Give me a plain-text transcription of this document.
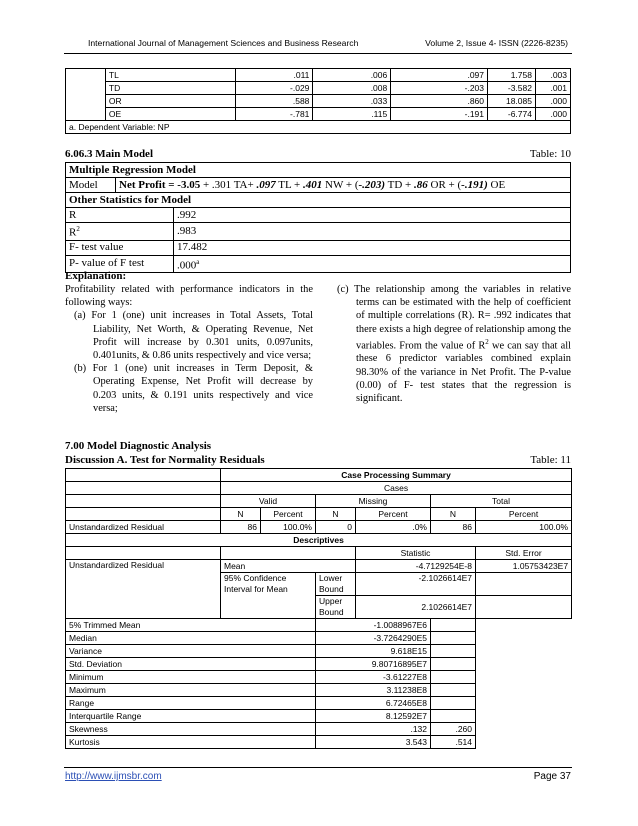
International Journal of Management Sciences and Business Research	Volume 2, Issue 4- ISSN (2226-8235)
	TL	.011	.006	.097	1.758	.003
	TD	-.029	.008	-.203	-3.582	.001
	OR	.588	.033	.860	18.085	.000
	OE	-.781	.115	-.191	-6.774	.000
a. Dependent Variable: NP						
6.06.3 Main Model	Table: 10
Multiple Regression Model		
Model	Net Profit = -3.05 + .301 TA+ .097 TL + .401 NW + (-.203) TD + .86 OR + (-.191) OE	
Other Statistics for Model		
R		.992
$R^2$		.983
F- test value		17.482
P- value of F test		.000$^a$
Explanation:
Profitability related with performance indicators in the following ways:
(a) For 1 (one) unit increases in Total Assets, Total Liability, Net Worth, & Operating Revenue, Net Profit will increase by 0.301 units, 0.097units, 0.401units, & 0.86 units respectively and vice versa;
(b) For 1 (one) unit increases in Term Deposit, & Operating Expense, Net Profit will decrease by 0.203 units, & 0.191 units respectively and vice versa;
(c) The relationship among the variables in relative terms can be estimated with the help of coefficient of multiple correlations (R). R= .992 indicates that there exists a high degree of relationship among the variables. From the value of $R^2$ we can say that all these 6 predictor variables combined explain 98.30% of the variance in Net Profit. The P-value (0.00) of F- test states that the regression is significant.
7.00 Model Diagnostic Analysis
Discussion A. Test for Normality Residuals	Table: 11
	Case Processing Summary					
	Cases					
	Valid		Missing		Total	
	N	Percent	N	Percent	N	Percent
Unstandardized Residual	86	100.0%	0	.0%	86	100.0%
Descriptives						
				Statistic		Std. Error
Unstandardized Residual	Mean			-4.7129254E-8		1.05753423E7
	95% Confidence Interval for Mean		Lower Bound	-2.1026614E7		
			Upper Bound	2.1026614E7		
5% Trimmed Mean			-1.0088967E6			
Median			-3.7264290E5			
Variance			9.618E15			
Std. Deviation			9.80716895E7			
Minimum			-3.61227E8			
Maximum			3.11238E8			
Range			6.72465E8			
Interquartile Range			8.12592E7			
Skewness			.132		.260	
Kurtosis			3.543		.514	
http://www.ijmsbr.com	Page 37
